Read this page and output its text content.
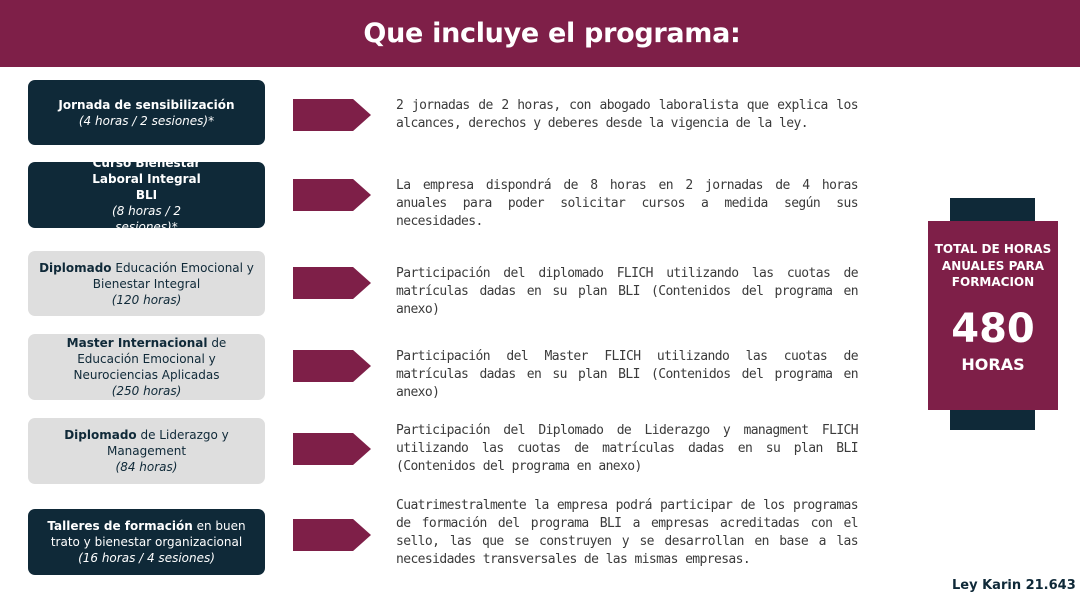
Que incluye el programa:
Jornada de sensibilización
(4 horas / 2 sesiones)*
2 jornadas de 2 horas, con abogado laboralista que explica los alcances, derechos y deberes desde la vigencia de la ley.
Curso Bienestar Laboral Integral BLI
(8 horas / 2 sesiones)*
La empresa dispondrá de 8 horas en 2 jornadas de 4 horas anuales para poder solicitar cursos a medida según sus necesidades.
Diplomado Educación Emocional y Bienestar Integral
(120 horas)
Participación del diplomado FLICH utilizando las cuotas de matrículas dadas en su plan BLI (Contenidos del programa en anexo)
Master Internacional de Educación Emocional y Neurociencias Aplicadas
(250 horas)
Participación del Master FLICH utilizando las cuotas de matrículas dadas en su plan BLI (Contenidos del programa en anexo)
Diplomado de Liderazgo y Management
(84 horas)
Participación del Diplomado de Liderazgo y managment FLICH utilizando las cuotas de matrículas dadas en su plan BLI (Contenidos del programa en anexo)
Talleres de formación en buen trato y bienestar organizacional
(16 horas / 4 sesiones)
Cuatrimestralmente la empresa podrá participar de los programas de formación del programa BLI a empresas acreditadas con el sello, las que se construyen y se desarrollan en base a las necesidades transversales de las mismas empresas.
TOTAL DE HORAS ANUALES PARA FORMACION
480
HORAS
Ley Karin 21.643
